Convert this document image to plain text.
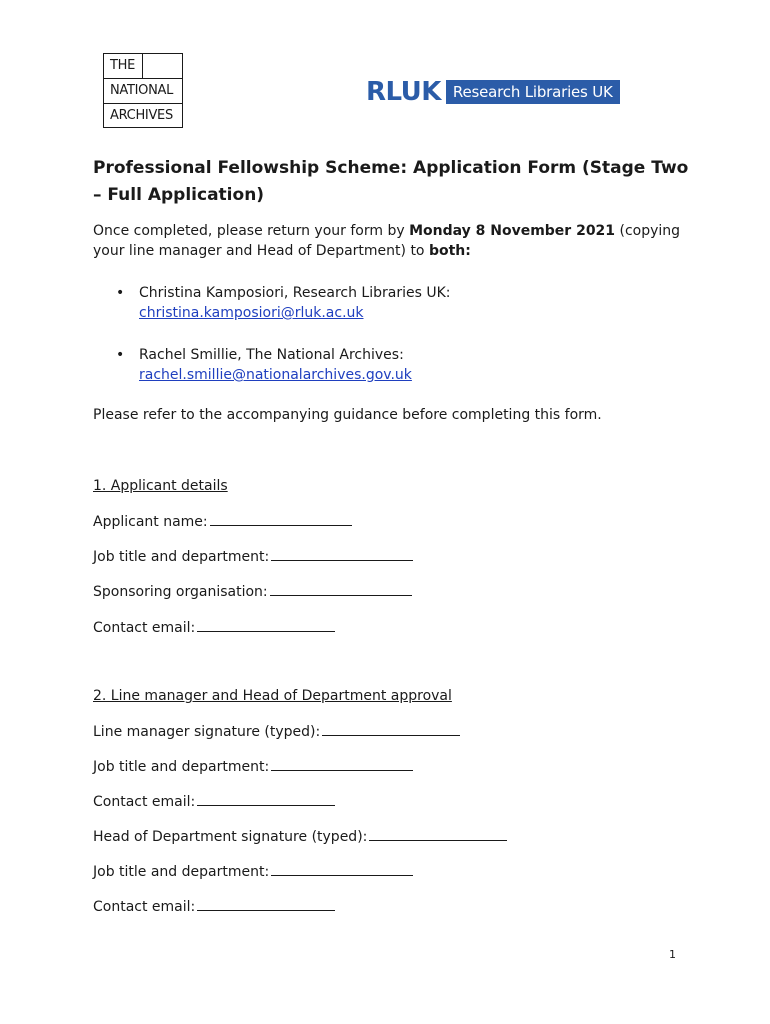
THE
NATIONAL
ARCHIVES
RLUK Research Libraries UK
Professional Fellowship Scheme: Application Form (Stage Two – Full Application)

Once completed, please return your form by Monday 8 November 2021 (copying your line manager and Head of Department) to both:

• Christina Kamposiori, Research Libraries UK:
christina.kamposiori@rluk.ac.uk
• Rachel Smillie, The National Archives:
rachel.smillie@nationalarchives.gov.uk

Please refer to the accompanying guidance before completing this form.

1. Applicant details

Applicant name:

Job title and department:

Sponsoring organisation:

Contact email:

2. Line manager and Head of Department approval

Line manager signature (typed):

Job title and department:

Contact email:

Head of Department signature (typed):

Job title and department:

Contact email:

1
